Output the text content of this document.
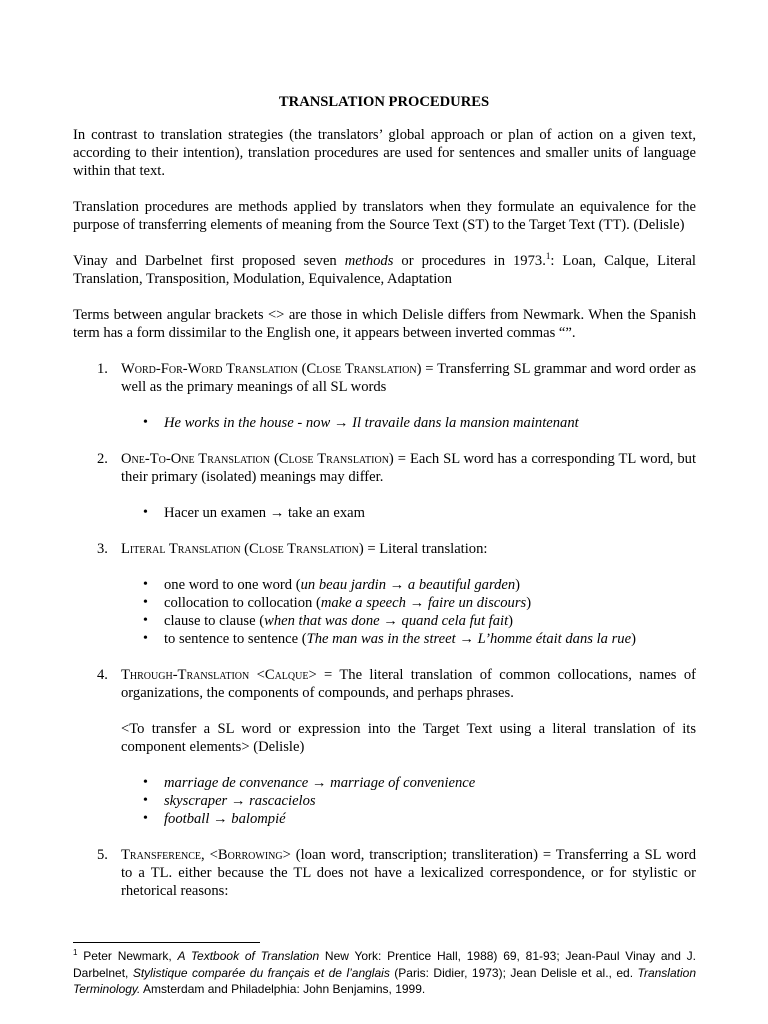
TRANSLATION PROCEDURES

In contrast to translation strategies (the translators’ global approach or plan of action on a given text, according to their intention), translation procedures are used for sentences and smaller units of language within that text.

Translation procedures are methods applied by translators when they formulate an equivalence for the purpose of transferring elements of meaning from the Source Text (ST) to the Target Text (TT). (Delisle)

Vinay and Darbelnet first proposed seven methods or procedures in 1973.$^1$: Loan, Calque, Literal Translation, Transposition, Modulation, Equivalence, Adaptation

Terms between angular brackets <> are those in which Delisle differs from Newmark. When the Spanish term has a form dissimilar to the English one, it appears between inverted commas “”.

1. Word-For-Word Translation (Close Translation) = Transferring SL grammar and word order as well as the primary meanings of all SL words
• He works in the house - now → Il travaile dans la mansion maintenant
2. One-To-One Translation (Close Translation) = Each SL word has a corresponding TL word, but their primary (isolated) meanings may differ.
• Hacer un examen → take an exam
3. Literal Translation (Close Translation) = Literal translation:
• one word to one word (un beau jardin → a beautiful garden)
• collocation to collocation (make a speech → faire un discours)
• clause to clause (when that was done → quand cela fut fait)
• to sentence to sentence (The man was in the street → L’homme était dans la rue)
4. Through-Translation <Calque> = The literal translation of common collocations, names of organizations, the components of compounds, and perhaps phrases.

<To transfer a SL word or expression into the Target Text using a literal translation of its component elements> (Delisle)

• marriage de convenance → marriage of convenience
• skyscraper → rascacielos
• football → balompié
5. Transference, <Borrowing> (loan word, transcription; transliteration) = Transferring a SL word to a TL. either because the TL does not have a lexicalized correspondence, or for stylistic or rhetorical reasons:
$^1$ Peter Newmark, A Textbook of Translation New York: Prentice Hall, 1988) 69, 81-93; Jean-Paul Vinay and J. Darbelnet, Stylistique comparée du français et de l’anglais (Paris: Didier, 1973); Jean Delisle et al., ed. Translation Terminology. Amsterdam and Philadelphia: John Benjamins, 1999.
